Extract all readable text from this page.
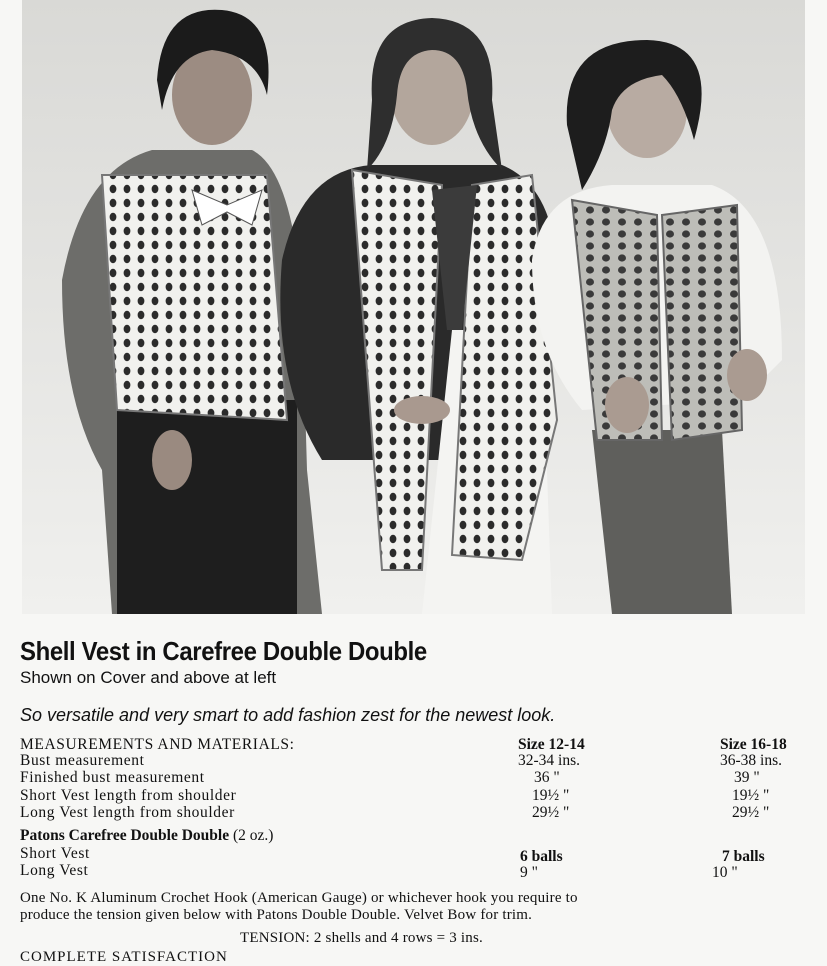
Shell Vest in Carefree Double Double
Shown on Cover and above at left
So versatile and very smart to add fashion zest for the newest look.
MEASUREMENTS AND MATERIALS:	Size 12-14	Size 16-18
Bust measurement	32-34 ins.	36-38 ins.
Finished bust measurement	36 "	39 "
Short Vest length from shoulder	19½ "	19½ "
Long Vest length from shoulder	29½ "	29½ "
Patons Carefree Double Double (2 oz.)
Short Vest	6 balls	7 balls
Long Vest	9 "	10 "
One No. K Aluminum Crochet Hook (American Gauge) or whichever hook you require to
produce the tension given below with Patons Double Double. Velvet Bow for trim.
TENSION: 2 shells and 4 rows = 3 ins.
COMPLETE SATISFACTION
